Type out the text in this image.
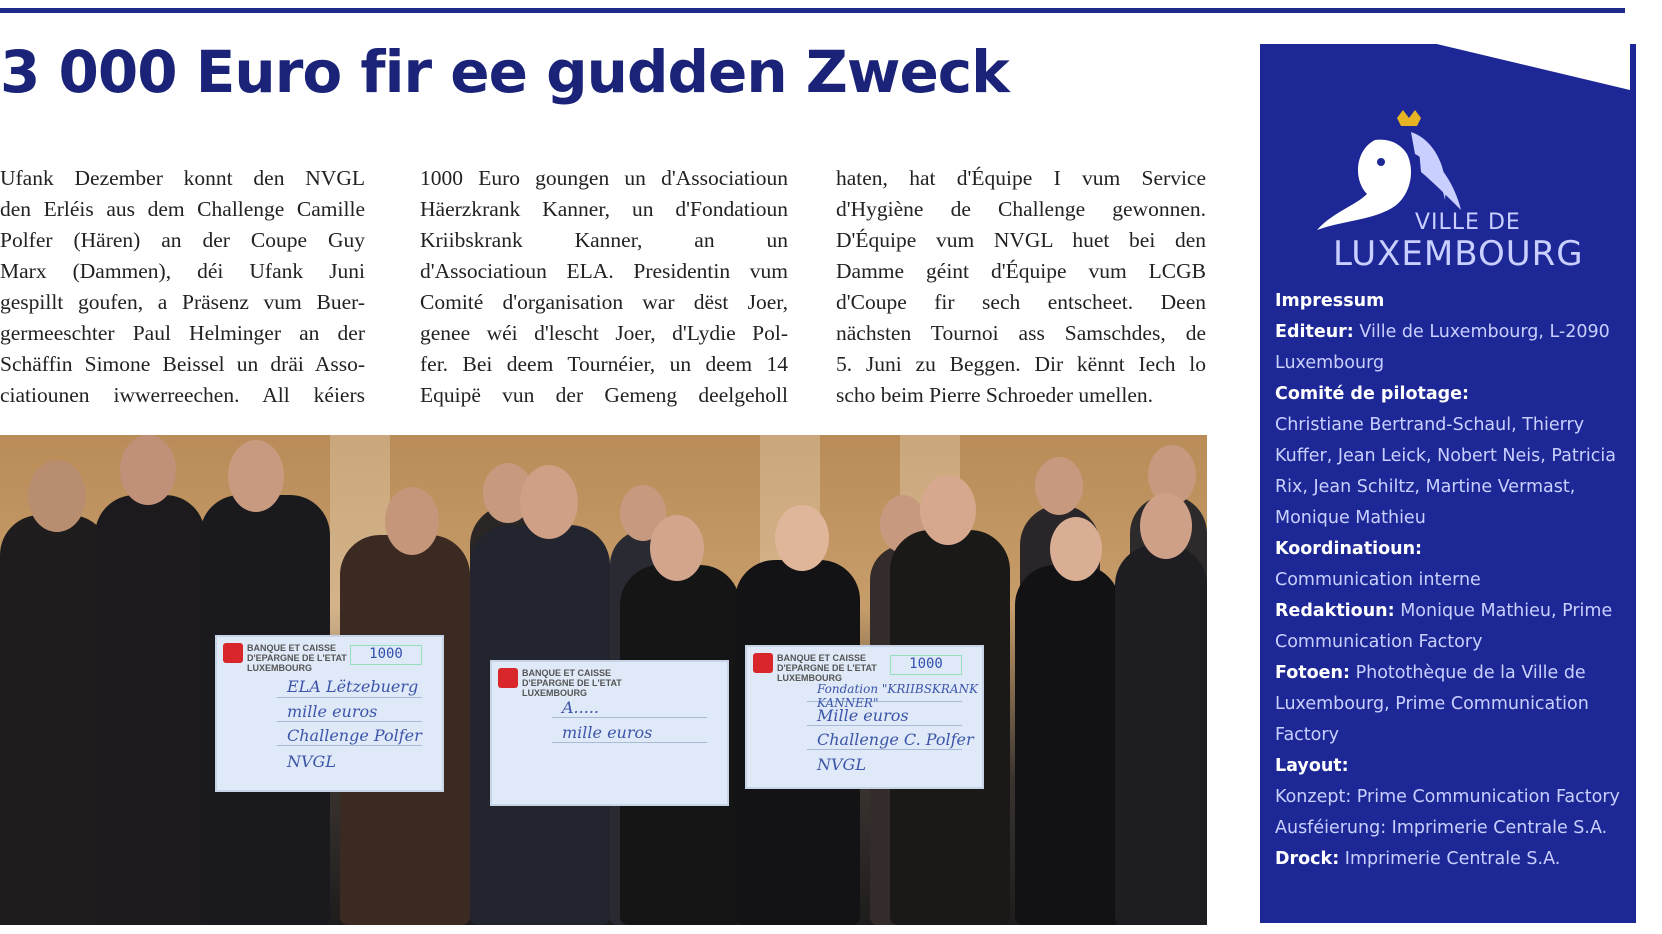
3 000 Euro fir ee gudden Zweck

Ufank Dezember konnt den NVGL

den Erléis aus dem Challenge Camille

Polfer (Hären) an der Coupe Guy

Marx (Dammen), déi Ufank Juni

gespillt goufen, a Präsenz vum Buer-

germeeschter Paul Helminger an der

Schäffin Simone Beissel un dräi Asso-

ciatiounen iwwerreechen. All kéiers

1000 Euro goungen un d'Associatioun

Häerzkrank Kanner, un d'Fondatioun

Kriibskrank Kanner, an un

d'Associatioun ELA. Presidentin vum

Comité d'organisation war dëst Joer,

genee wéi d'lescht Joer, d'Lydie Pol-

fer. Bei deem Tournéier, un deem 14

Equipë vun der Gemeng deelgeholl

haten, hat d'Équipe I vum Service

d'Hygiène de Challenge gewonnen.

D'Équipe vum NVGL huet bei den

Damme géint d'Équipe vum LCGB

d'Coupe fir sech entscheet. Deen

nächsten Tournoi ass Samschdes, de

5. Juni zu Beggen. Dir kënnt Iech lo

scho beim Pierre Schroeder umellen.

BANQUE ET CAISSE D'EPARGNE DE L'ETAT LUXEMBOURG
1000
ELA Lëtzebuerg
mille euros
Challenge Polfer
NVGL
BANQUE ET CAISSE D'EPARGNE DE L'ETAT LUXEMBOURG
A.....
mille euros
BANQUE ET CAISSE D'EPARGNE DE L'ETAT LUXEMBOURG
1000
Fondation "KRIIBSKRANK KANNER"
Mille euros
Challenge C. Polfer
NVGL
VILLE DE
LUXEMBOURG
Impressum
Editeur: Ville de Luxembourg, L-2090 Luxembourg
Comité de pilotage:
Christiane Bertrand-Schaul, Thierry Kuffer, Jean Leick, Nobert Neis, Patricia Rix, Jean Schiltz, Martine Vermast, Monique Mathieu
Koordinatioun:
Communication interne
Redaktioun: Monique Mathieu, Prime Communication Factory
Fotoen: Photothèque de la Ville de Luxembourg, Prime Communication Factory
Layout:
Konzept: Prime Communication Factory
Ausféierung: Imprimerie Centrale S.A.
Drock: Imprimerie Centrale S.A.
